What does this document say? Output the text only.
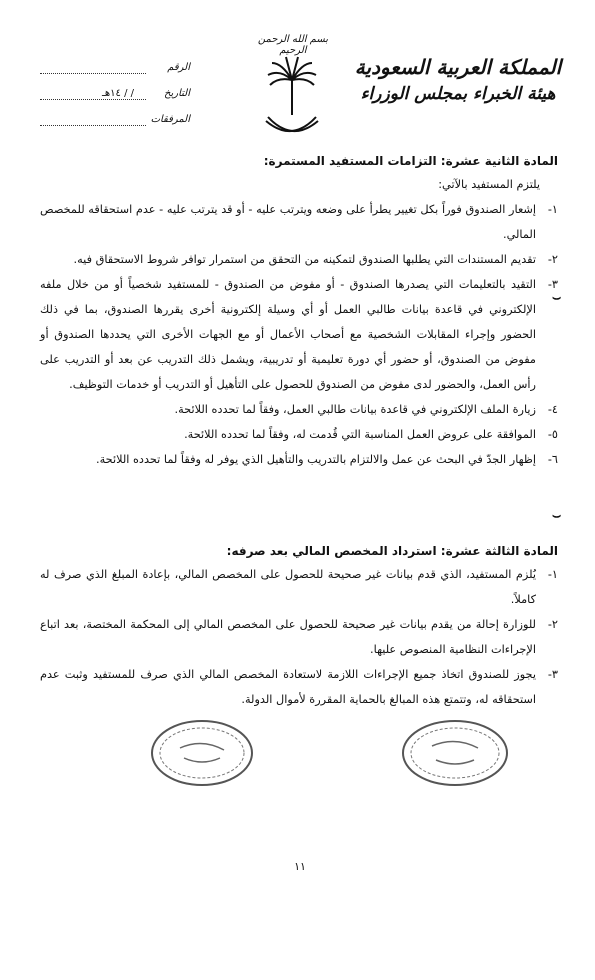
بسم الله الرحمن الرحيم
المملكة العربية السعودية
هيئة الخبراء بمجلس الوزراء
الرقم
التاريخ
/ / ١٤هـ
المرفقات
المادة الثانية عشرة: التزامات المستفيد المستمرة:

يلتزم المستفيد بالآتي:

١-
إشعار الصندوق فوراً بكل تغيير يطرأ على وضعه ويترتب عليه - أو قد يترتب عليه - عدم استحقاقه للمخصص المالي.
٢-
تقديم المستندات التي يطلبها الصندوق لتمكينه من التحقق من استمرار توافر شروط الاستحقاق فيه.
٣-
التقيد بالتعليمات التي يصدرها الصندوق - أو مفوض من الصندوق - للمستفيد شخصياً أو من خلال ملفه الإلكتروني في قاعدة بيانات طالبي العمل أو أي وسيلة إلكترونية أخرى يقررها الصندوق، بما في ذلك الحضور وإجراء المقابلات الشخصية مع أصحاب الأعمال أو مع الجهات الأخرى التي يحددها الصندوق أو مفوض من الصندوق، أو حضور أي دورة تعليمية أو تدريبية، ويشمل ذلك التدريب عن بعد أو التدريب على رأس العمل، والحضور لدى مفوض من الصندوق للحصول على التأهيل أو التدريب أو خدمات التوظيف.
٤-
زيارة الملف الإلكتروني في قاعدة بيانات طالبي العمل، وفقاً لما تحدده اللائحة.
٥-
الموافقة على عروض العمل المناسبة التي قُدمت له، وفقاً لما تحدده اللائحة.
٦-
إظهار الجدّ في البحث عن عمل والالتزام بالتدريب والتأهيل الذي يوفر له وفقاً لما تحدده اللائحة.
المادة الثالثة عشرة: استرداد المخصص المالي بعد صرفه:
١-
يُلزم المستفيد، الذي قدم بيانات غير صحيحة للحصول على المخصص المالي، بإعادة المبلغ الذي صرف له كاملاً.
٢-
للوزارة إحالة من يقدم بيانات غير صحيحة للحصول على المخصص المالي إلى المحكمة المختصة، بعد اتباع الإجراءات النظامية المنصوص عليها.
٣-
يجوز للصندوق اتخاذ جميع الإجراءات اللازمة لاستعادة المخصص المالي الذي صرف للمستفيد وثبت عدم استحقاقه له، وتتمتع هذه المبالغ بالحماية المقررة لأموال الدولة.
⌣
⌣
١١
